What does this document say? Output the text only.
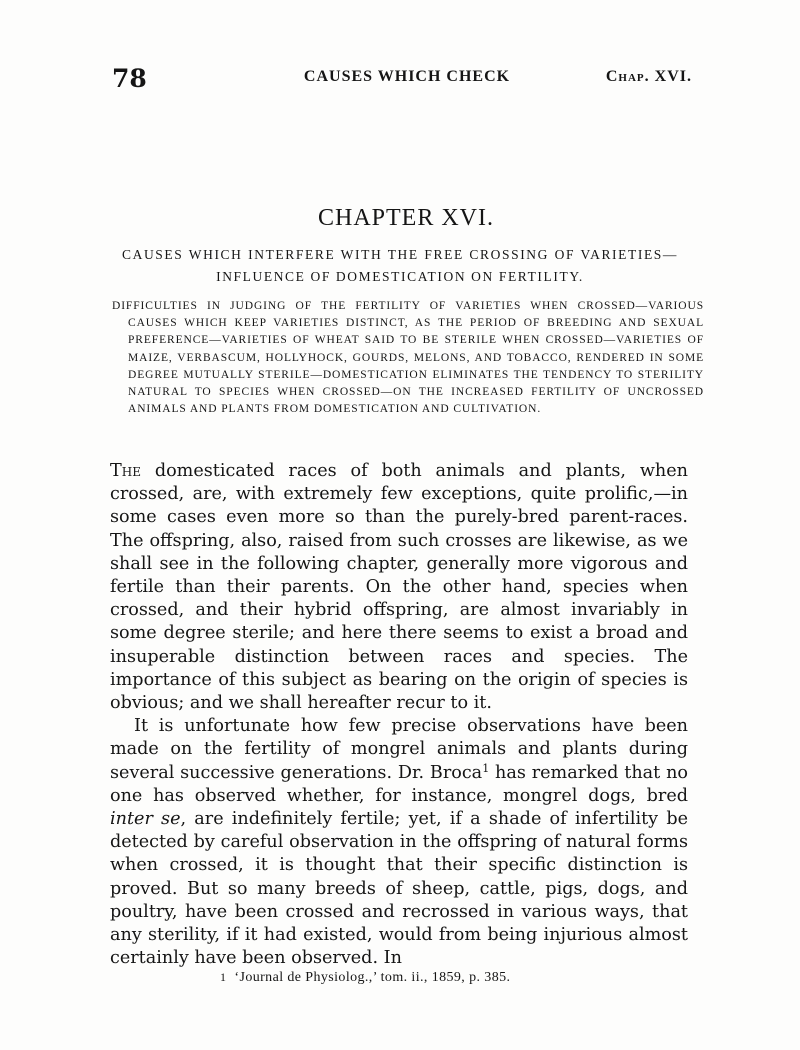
78	CAUSES WHICH CHECK	Chap. XVI.
CHAPTER XVI.
CAUSES WHICH INTERFERE WITH THE FREE CROSSING OF VARIETIES—INFLUENCE OF DOMESTICATION ON FERTILITY.
DIFFICULTIES IN JUDGING OF THE FERTILITY OF VARIETIES WHEN CROSSED—VARIOUS CAUSES WHICH KEEP VARIETIES DISTINCT, AS THE PERIOD OF BREEDING AND SEXUAL PREFERENCE—VARIETIES OF WHEAT SAID TO BE STERILE WHEN CROSSED—VARIETIES OF MAIZE, VERBASCUM, HOLLYHOCK, GOURDS, MELONS, AND TOBACCO, RENDERED IN SOME DEGREE MUTUALLY STERILE—DOMESTICATION ELIMINATES THE TENDENCY TO STERILITY NATURAL TO SPECIES WHEN CROSSED—ON THE INCREASED FERTILITY OF UNCROSSED ANIMALS AND PLANTS FROM DOMESTICATION AND CULTIVATION.

The domesticated races of both animals and plants, when crossed, are, with extremely few exceptions, quite prolific,—in some cases even more so than the purely-bred parent-races. The offspring, also, raised from such crosses are likewise, as we shall see in the following chapter, generally more vigorous and fertile than their parents. On the other hand, species when crossed, and their hybrid offspring, are almost invariably in some degree sterile; and here there seems to exist a broad and insuperable distinction between races and species. The importance of this subject as bearing on the origin of species is obvious; and we shall hereafter recur to it.

It is unfortunate how few precise observations have been made on the fertility of mongrel animals and plants during several successive generations. Dr. Broca$^1$ has remarked that no one has observed whether, for instance, mongrel dogs, bred inter se, are indefinitely fertile; yet, if a shade of infertility be detected by careful observation in the offspring of natural forms when crossed, it is thought that their specific distinction is proved. But so many breeds of sheep, cattle, pigs, dogs, and poultry, have been crossed and recrossed in various ways, that any sterility, if it had existed, would from being injurious almost certainly have been observed. In

1 ‘Journal de Physiolog.,’ tom. ii., 1859, p. 385.
